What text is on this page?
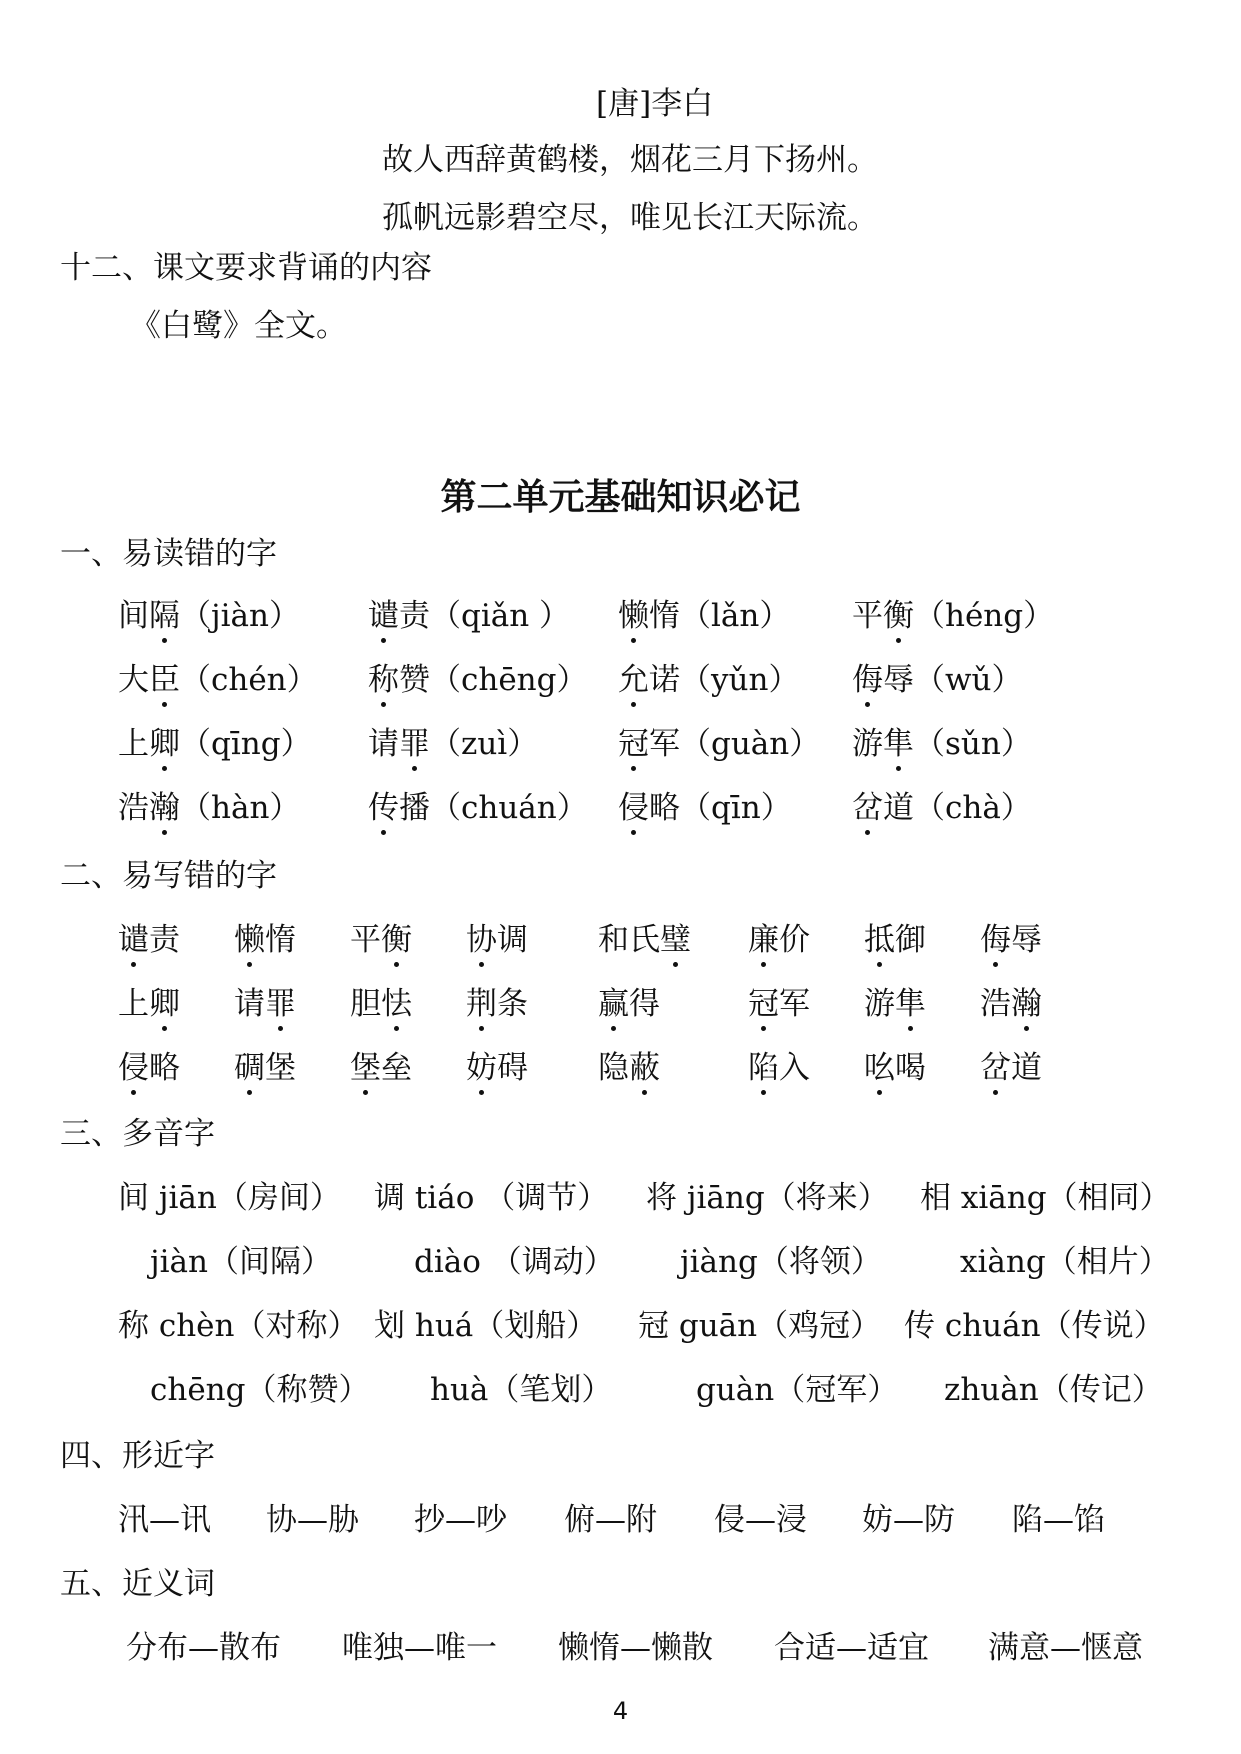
[唐]李白
故人西辞黄鹤楼，烟花三月下扬州。
孤帆远影碧空尽，唯见长江天际流。
十二、课文要求背诵的内容
《白鹭》全文。
第二单元基础知识必记
一、易读错的字
间隔（jiàn） 谴责（qiǎn ） 懒惰（lǎn） 平衡（héng）
大臣（chén） 称赞（chēng） 允诺（yǔn） 侮辱（wǔ）
上卿（qīng） 请罪（zuì）	冠军（guàn） 游隼（sǔn）
浩瀚（hàn） 传播（chuán） 侵略（qīn） 岔道（chà）
二、易写错的字
谴责 懒惰 平衡 协调 和氏璧 廉价 抵御 侮辱
上卿 请罪 胆怯 荆条 赢得	冠军 游隼 浩瀚
侵略 碉堡 堡垒 妨碍 隐蔽	陷入 吆喝 岔道
三、多音字
间 jiān（房间） 调 tiáo （调节） 将 jiāng（将来） 相 xiāng（相同）
jiàn（间隔）	diào （调动） jiàng（将领）	xiàng（相片）
称 chèn（对称） 划 huá（划船） 冠 guān（鸡冠） 传 chuán（传说）
chēng（称赞） huà（笔划）	guàn（冠军） zhuàn（传记）
四、形近字
汛—讯 协—胁 抄—吵 俯—附 侵—浸 妨—防 陷—馅
五、近义词
分布—散布 唯独—唯一 懒惰—懒散 合适—适宜 满意—惬意
4
